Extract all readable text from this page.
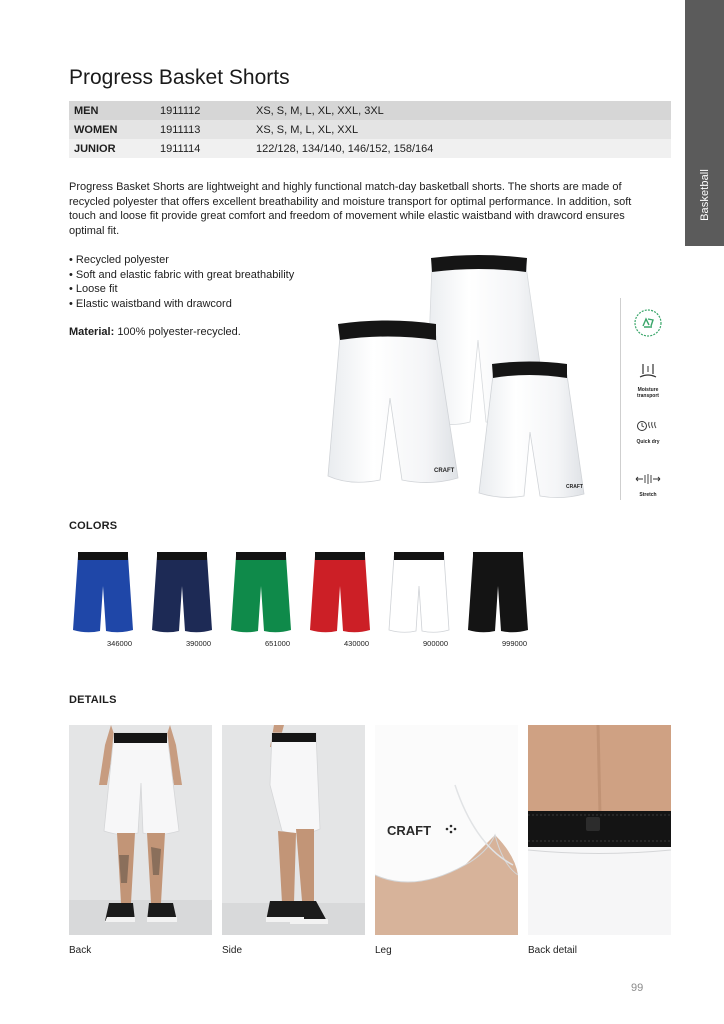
Basketball
Progress Basket Shorts
MEN	1911112	XS, S, M, L, XL, XXL, 3XL
WOMEN	1911113	XS, S, M, L, XL, XXL
JUNIOR	1911114	122/128, 134/140, 146/152, 158/164

Progress Basket Shorts are lightweight and highly functional match-day basketball shorts. The shorts are made of recycled polyester that offers excellent breathability and moisture transport for optimal performance. In addition, soft touch and loose fit provide great comfort and freedom of movement while elastic waistband with drawcord ensures optimal fit.

• Recycled polyester
• Soft and elastic fabric with great breathability
• Loose fit
• Elastic waistband with drawcord

Material: 100% polyester-recycled.

CRAFT
CRAFT
Moisture transport
Quick dry
Stretch
COLORS
346000	390000	651000	430000	900000	999000
DETAILS
CRAFT
Back	Side	Leg	Back detail
99
